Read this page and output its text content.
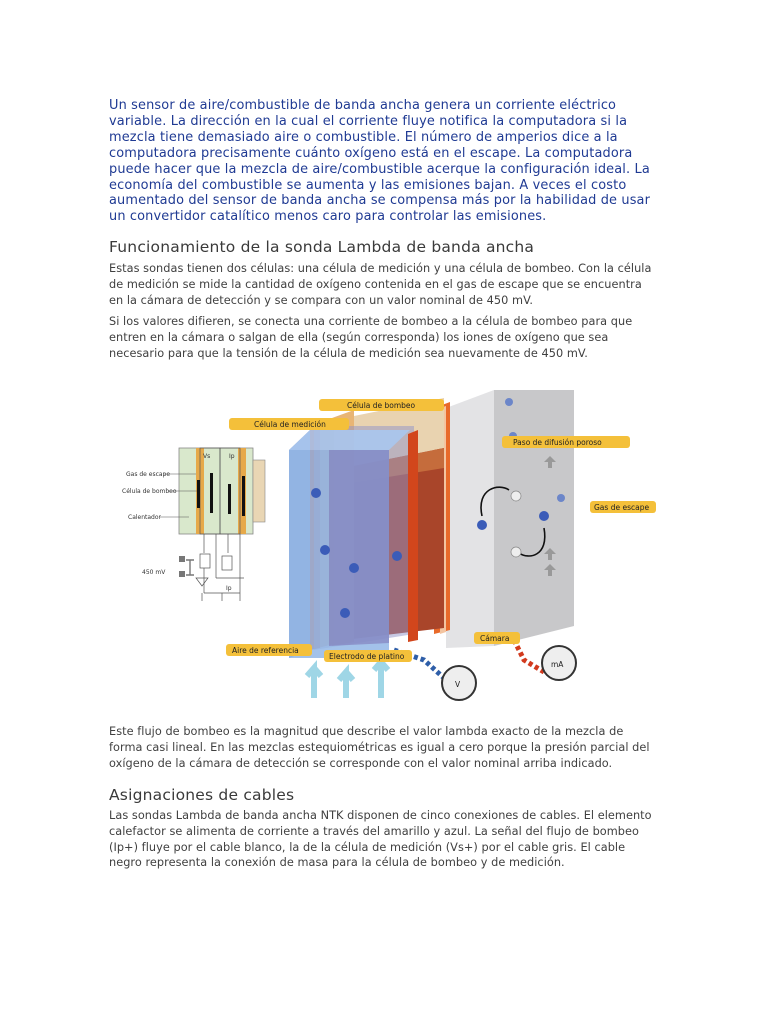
Un sensor de aire/combustible de banda ancha genera un corriente eléctrico variable. La dirección en la cual el corriente fluye notifica la computadora si la mezcla tiene demasiado aire o combustible. El número de amperios dice a la computadora precisamente cuánto oxígeno está en el escape. La computadora puede hacer que la mezcla de aire/combustible acerque la configuración ideal. La economía del combustible se aumenta y las emisiones bajan. A veces el costo aumentado del sensor de banda ancha se compensa más por la habilidad de usar un convertidor catalítico menos caro para controlar las emisiones.

Funcionamiento de la sonda Lambda de banda ancha

Estas sondas tienen dos células: una célula de medición y una célula de bombeo. Con la célula de medición se mide la cantidad de oxígeno contenida en el gas de escape que se encuentra en la cámara de detección y se compara con un valor nominal de 450 mV.

Si los valores difieren, se conecta una corriente de bombeo a la célula de bombeo para que entren en la cámara o salgan de ella (según corresponda) los iones de oxígeno que sea necesario para que la tensión de la célula de medición sea nuevamente de 450 mV.

Vs	Ip
Gas de escape
Célula de bombeo
Calentador
450 mV
Ip
V
mA
Célula de bombeo
Célula de medición
Paso de difusión poroso
Gas de escape
Aire de referencia
Electrodo de platino
Cámara

Este flujo de bombeo es la magnitud que describe el valor lambda exacto de la mezcla de forma casi lineal. En las mezclas estequiométricas es igual a cero porque la presión parcial del oxígeno de la cámara de detección se corresponde con el valor nominal arriba indicado.

Asignaciones de cables

Las sondas Lambda de banda ancha NTK disponen de cinco conexiones de cables. El elemento calefactor se alimenta de corriente a través del amarillo y azul. La señal del flujo de bombeo (Ip+) fluye por el cable blanco, la de la célula de medición (Vs+) por el cable gris. El cable negro representa la conexión de masa para la célula de bombeo y de medición.
